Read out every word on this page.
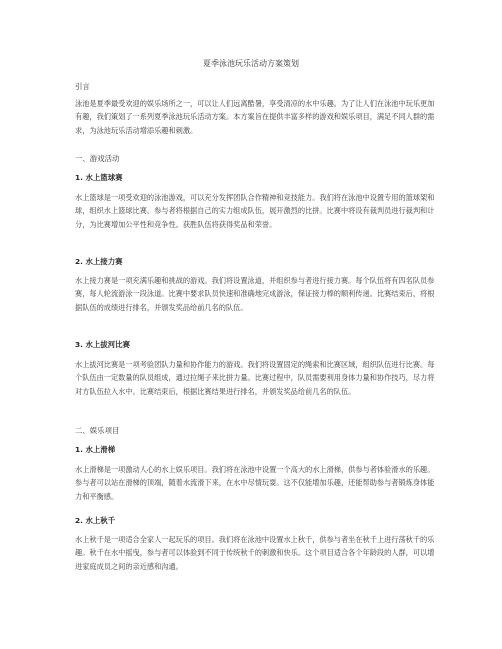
夏季泳池玩乐活动方案策划
引言

泳池是夏季最受欢迎的娱乐场所之一，可以让人们远离酷暑，享受清凉的水中乐趣。为了让人们在泳池中玩乐更加有趣，我们策划了一系列夏季泳池玩乐活动方案。本方案旨在提供丰富多样的游戏和娱乐项目，满足不同人群的需求，为泳池玩乐活动增添乐趣和刺激。

一、游戏活动
1. 水上篮球赛

水上篮球是一项受欢迎的泳池游戏，可以充分发挥团队合作精神和竞技能力。我们将在泳池中设置专用的篮球架和球，组织水上篮球比赛。参与者将根据自己的实力组成队伍，展开激烈的比拼。比赛中将设有裁判员进行裁判和计分，为比赛增加公平性和竞争性。获胜队伍将获得奖品和荣誉。

2. 水上接力赛

水上接力赛是一项充满乐趣和挑战的游戏。我们将设置泳道，并组织参与者进行接力赛。每个队伍将有四名队员参赛，每人轮流游泳一段泳道。比赛中要求队员快速和准确地完成游泳，保证接力棒的顺利传递。比赛结束后，将根据队伍的成绩进行排名，并颁发奖品给前几名的队伍。

3. 水上拔河比赛

水上拔河比赛是一项考验团队力量和协作能力的游戏。我们将设置固定的绳索和比赛区域，组织队伍进行比赛。每个队伍由一定数量的队员组成，通过拉绳子来比拼力量。比赛过程中，队员需要利用身体力量和协作技巧，尽力将对方队伍拉入水中。比赛结束后，根据比赛结果进行排名，并颁发奖品给前几名的队伍。

二、娱乐项目
1. 水上滑梯

水上滑梯是一项激动人心的水上娱乐项目。我们将在泳池中设置一个高大的水上滑梯，供参与者体验滑水的乐趣。参与者可以站在滑梯的顶端，随着水流滑下来，在水中尽情玩耍。这不仅能增加乐趣，还能帮助参与者锻炼身体能力和平衡感。

2. 水上秋千

水上秋千是一项适合全家人一起玩乐的项目。我们将在泳池中设置水上秋千，供参与者坐在秋千上进行荡秋千的乐趣。秋千在水中摇曳，参与者可以体验到不同于传统秋千的刺激和快乐。这个项目适合各个年龄段的人群，可以增进家庭成员之间的亲近感和沟通。
